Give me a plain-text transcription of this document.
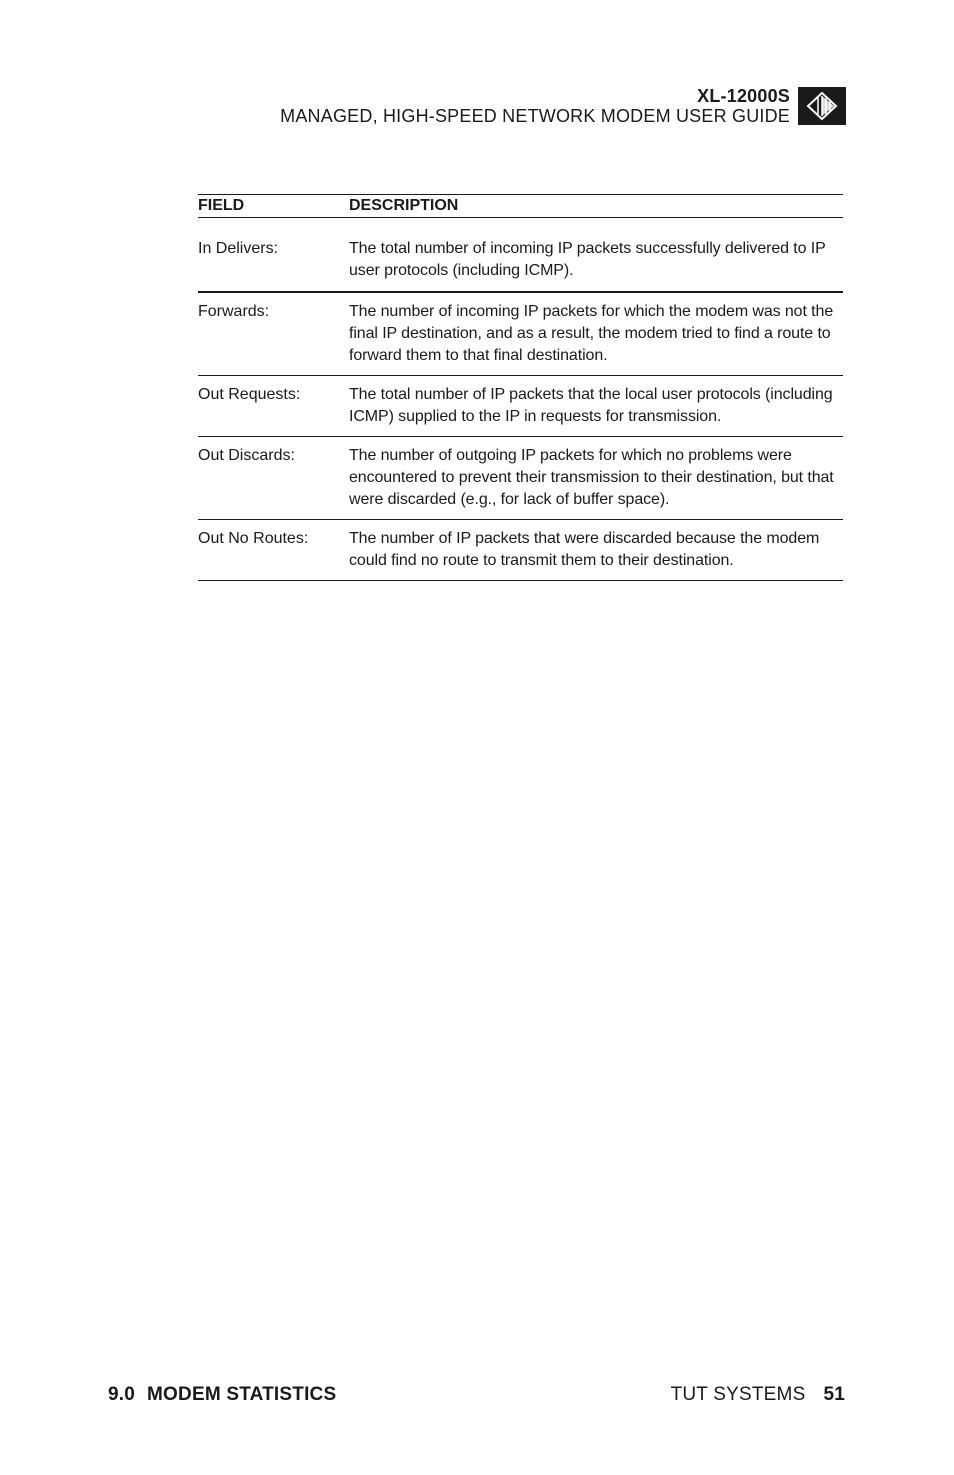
XL-12000S
MANAGED, HIGH-SPEED NETWORK MODEM USER GUIDE
FIELD	DESCRIPTION
In Delivers:	The total number of incoming IP packets successfully delivered to IP user protocols (including ICMP).
Forwards:	The number of incoming IP packets for which the modem was not the final IP destination, and as a result, the modem tried to find a route to forward them to that final destination.
Out Requests:	The total number of IP packets that the local user protocols (including ICMP) supplied to the IP in requests for transmission.
Out Discards:	The number of outgoing IP packets for which no problems were encountered to prevent their transmission to their destination, but that were discarded (e.g., for lack of buffer space).
Out No Routes:	The number of IP packets that were discarded because the modem could find no route to transmit them to their destination.
9.0 MODEM STATISTICS	TUT SYSTEMS 51
